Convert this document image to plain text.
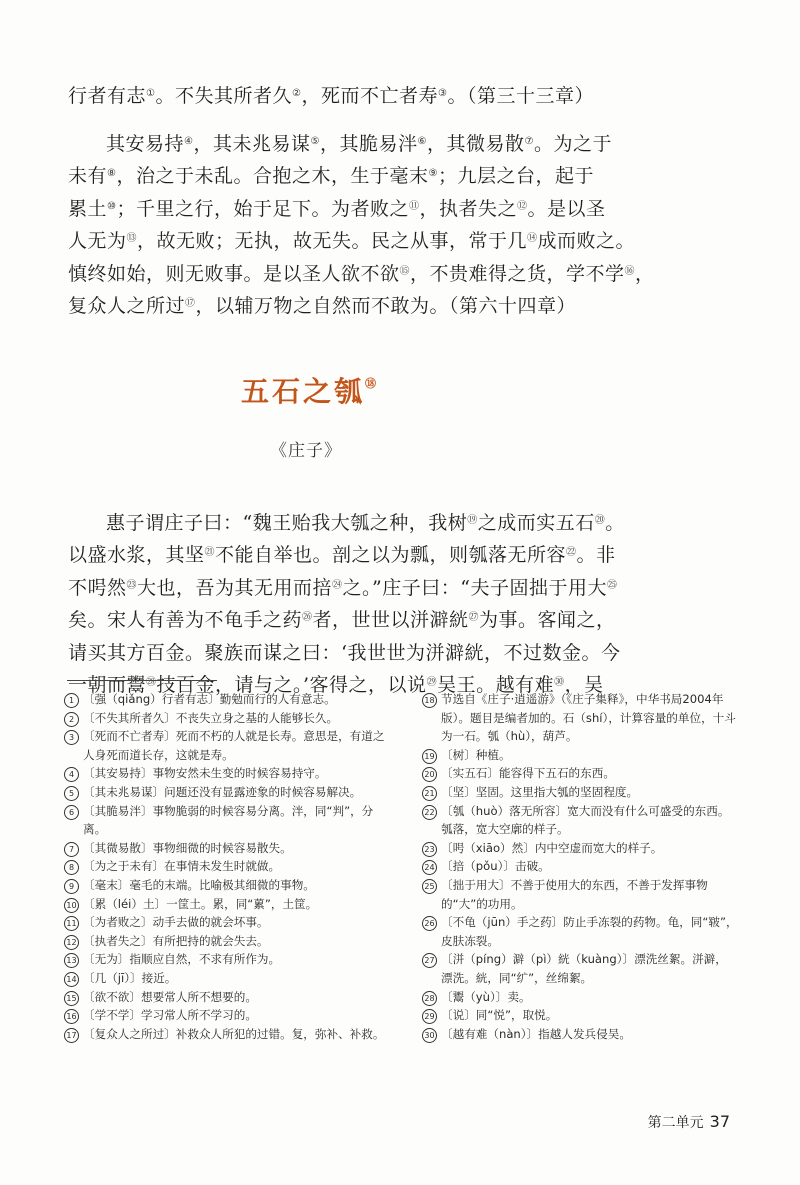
行者有志①。不失其所者久②，死而不亡者寿③。（第三十三章）
其安易持④，其未兆易谋⑤，其脆易泮⑥，其微易散⑦。为之于
未有⑧，治之于未乱。合抱之木，生于毫末⑨；九层之台，起于
累土⑩；千里之行，始于足下。为者败之⑪，执者失之⑫。是以圣
人无为⑬，故无败；无执，故无失。民之从事，常于几⑭成而败之。
慎终如始，则无败事。是以圣人欲不欲⑮，不贵难得之货，学不学⑯，
复众人之所过⑰，以辅万物之自然而不敢为。（第六十四章）
五石之瓠⑱
《庄子》
惠子谓庄子曰：“魏王贻我大瓠之种，我树⑲之成而实五石⑳。
以盛水浆，其坚$^㉑$不能自举也。剖之以为瓢，则瓠落无所容$^㉒$。非
不呺然$^㉓$大也，吾为其无用而掊$^㉔$之。”庄子曰：“夫子固拙于用大$^㉕$
矣。宋人有善为不龟手之药$^㉖$者，世世以洴澼絖$^㉗$为事。客闻之，
请买其方百金。聚族而谋之曰：‘我世世为洴澼絖，不过数金。今
一朝而鬻$^㉘$技百金，请与之。’客得之，以说$^㉙$吴王。越有难$^㉚$，吴
1 〔强（qiǎng）行者有志〕勤勉而行的人有意志。
2 〔不失其所者久〕不丧失立身之基的人能够长久。
3 〔死而不亡者寿〕死而不朽的人就是长寿。意思是，有道之人身死而道长存，这就是寿。
4 〔其安易持〕事物安然未生变的时候容易持守。
5 〔其未兆易谋〕问题还没有显露迹象的时候容易解决。
6 〔其脆易泮〕事物脆弱的时候容易分离。泮，同“判”，分离。
7 〔其微易散〕事物细微的时候容易散失。
8 〔为之于未有〕在事情未发生时就做。
9 〔毫末〕毫毛的末端。比喻极其细微的事物。
10 〔累（léi）土〕一筐土。累，同“蔂”，土筐。
11 〔为者败之〕动手去做的就会坏事。
12 〔执者失之〕有所把持的就会失去。
13 〔无为〕指顺应自然，不求有所作为。
14 〔几（jī）〕接近。
15 〔欲不欲〕想要常人所不想要的。
16 〔学不学〕学习常人所不学习的。
17 〔复众人之所过〕补救众人所犯的过错。复，弥补、补救。
18 节选自《庄子·逍遥游》（《庄子集释》，中华书局2004年版）。题目是编者加的。石（shí），计算容量的单位，十斗为一石。瓠（hù），葫芦。
19 〔树〕种植。
20 〔实五石〕能容得下五石的东西。
21 〔坚〕坚固。这里指大瓠的坚固程度。
22 〔瓠（huò）落无所容〕宽大而没有什么可盛受的东西。瓠落，宽大空廓的样子。
23 〔呺（xiāo）然〕内中空虚而宽大的样子。
24 〔掊（pǒu）〕击破。
25 〔拙于用大〕不善于使用大的东西，不善于发挥事物的“大”的功用。
26 〔不龟（jūn）手之药〕防止手冻裂的药物。龟，同“皲”，皮肤冻裂。
27 〔洴（píng）澼（pì）絖（kuàng）〕漂洗丝絮。洴澼，漂洗。絖，同“纩”，丝绵絮。
28 〔鬻（yù）〕卖。
29 〔说〕同“悦”，取悦。
30 〔越有难（nàn）〕指越人发兵侵吴。
第二单元 37
